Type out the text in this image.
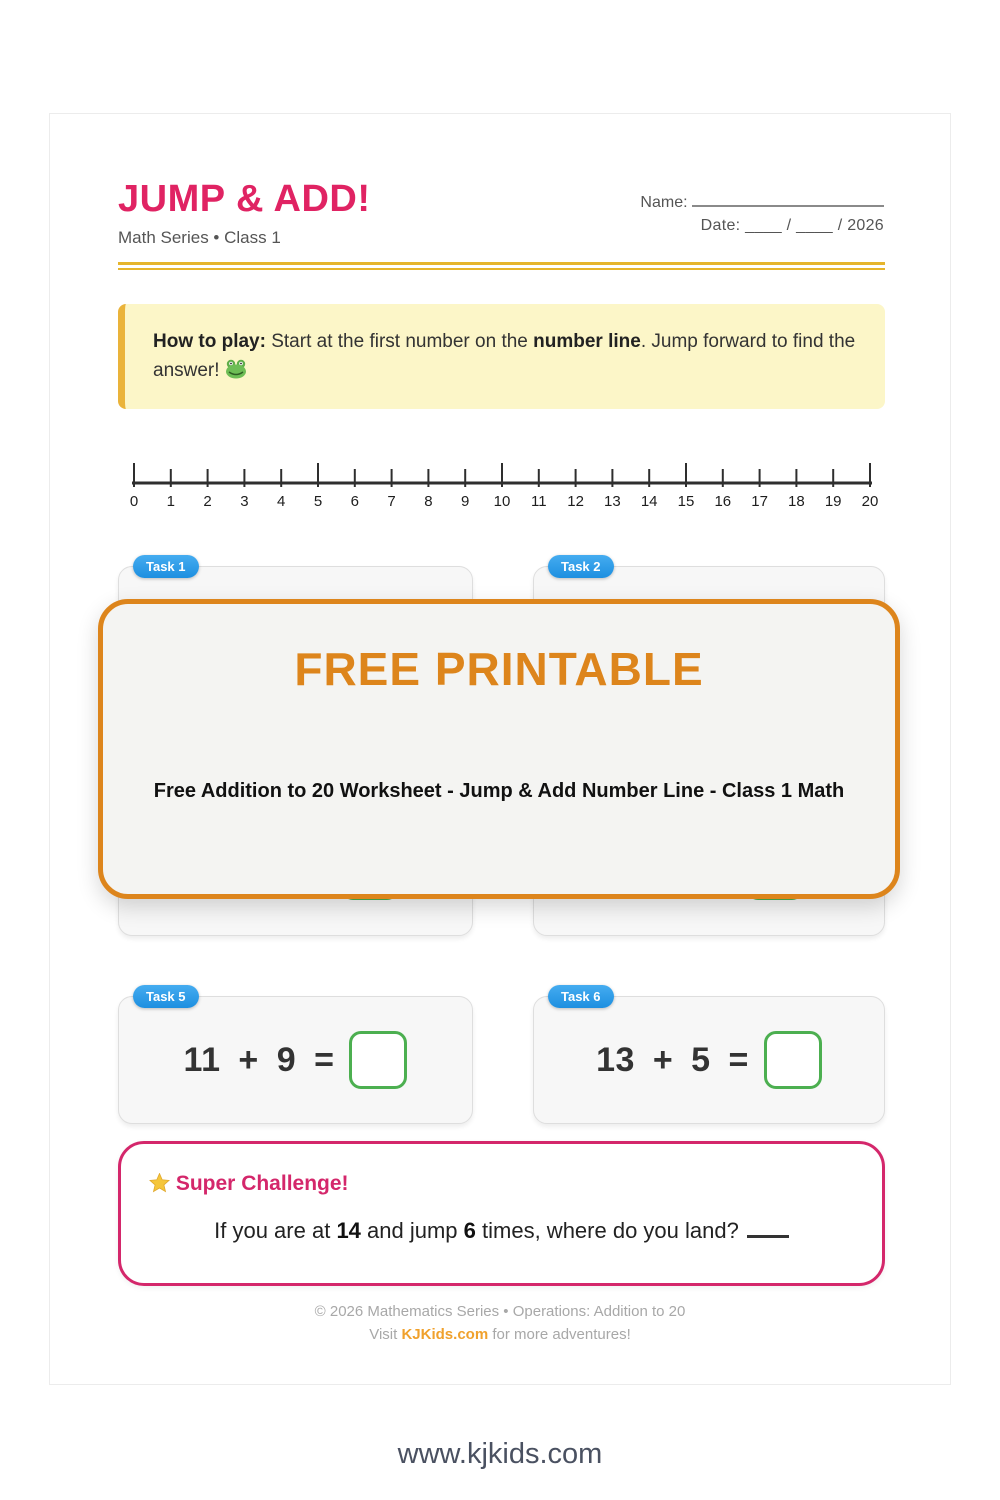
JUMP & ADD!
Math Series • Class 1
Name:
Date: ____ / ____ / 2026
How to play: Start at the first number on the number line. Jump forward to find the answer!
0 1 2 3 4 5 6 7 8 9 10 11 12 13 14 15 16 17 18 19 20
Task 1	Task 2
Task 5
11 + 9 =
Task 6
13 + 5 =
FREE PRINTABLE
Free Addition to 20 Worksheet - Jump & Add Number Line - Class 1 Math
Super Challenge!
If you are at 14 and jump 6 times, where do you land?
© 2026 Mathematics Series • Operations: Addition to 20
Visit KJKids.com for more adventures!
www.kjkids.com
